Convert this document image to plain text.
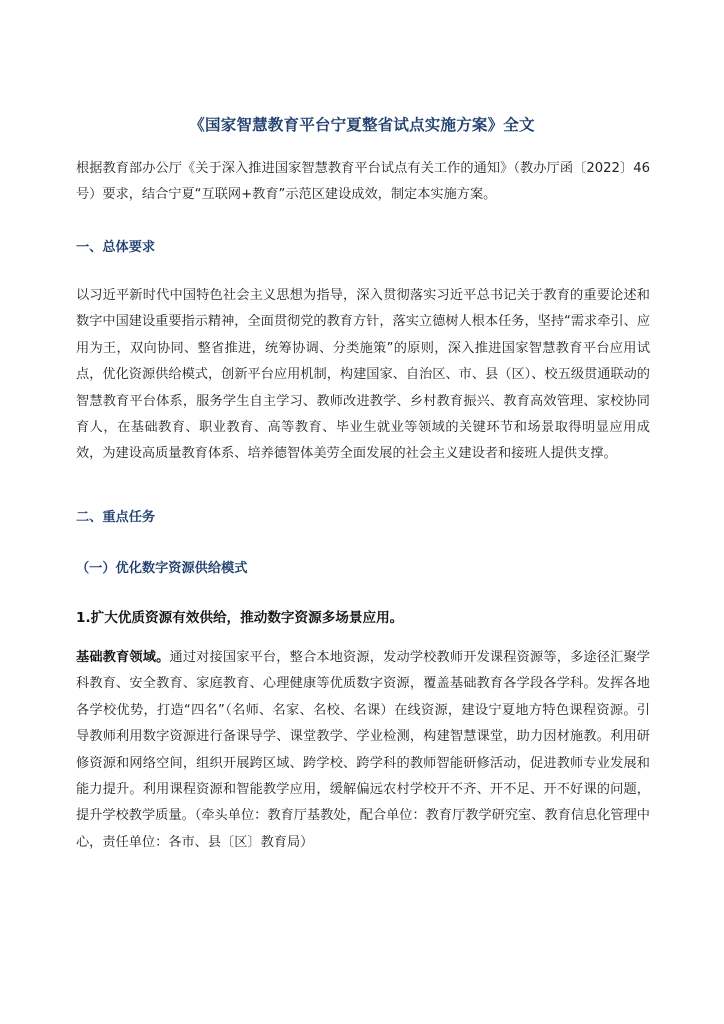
《国家智慧教育平台宁夏整省试点实施方案》全文
根据教育部办公厅《关于深入推进国家智慧教育平台试点有关工作的通知》（教办厅函〔2022〕46号）要求，结合宁夏“互联网+教育”示范区建设成效，制定本实施方案。
一、总体要求
以习近平新时代中国特色社会主义思想为指导，深入贯彻落实习近平总书记关于教育的重要论述和数字中国建设重要指示精神，全面贯彻党的教育方针，落实立德树人根本任务，坚持“需求牵引、应用为王，双向协同、整省推进，统筹协调、分类施策”的原则，深入推进国家智慧教育平台应用试点，优化资源供给模式，创新平台应用机制，构建国家、自治区、市、县（区）、校五级贯通联动的智慧教育平台体系，服务学生自主学习、教师改进教学、乡村教育振兴、教育高效管理、家校协同育人，在基础教育、职业教育、高等教育、毕业生就业等领域的关键环节和场景取得明显应用成效，为建设高质量教育体系、培养德智体美劳全面发展的社会主义建设者和接班人提供支撑。
二、重点任务
（一）优化数字资源供给模式
1.扩大优质资源有效供给，推动数字资源多场景应用。
基础教育领域。通过对接国家平台，整合本地资源，发动学校教师开发课程资源等，多途径汇聚学科教育、安全教育、家庭教育、心理健康等优质数字资源，覆盖基础教育各学段各学科。发挥各地各学校优势，打造“四名”（名师、名家、名校、名课）在线资源，建设宁夏地方特色课程资源。引导教师利用数字资源进行备课导学、课堂教学、学业检测，构建智慧课堂，助力因材施教。利用研修资源和网络空间，组织开展跨区域、跨学校、跨学科的教师智能研修活动，促进教师专业发展和能力提升。利用课程资源和智能教学应用，缓解偏远农村学校开不齐、开不足、开不好课的问题，提升学校教学质量。（牵头单位：教育厅基教处，配合单位：教育厅教学研究室、教育信息化管理中心，责任单位：各市、县〔区〕教育局）
